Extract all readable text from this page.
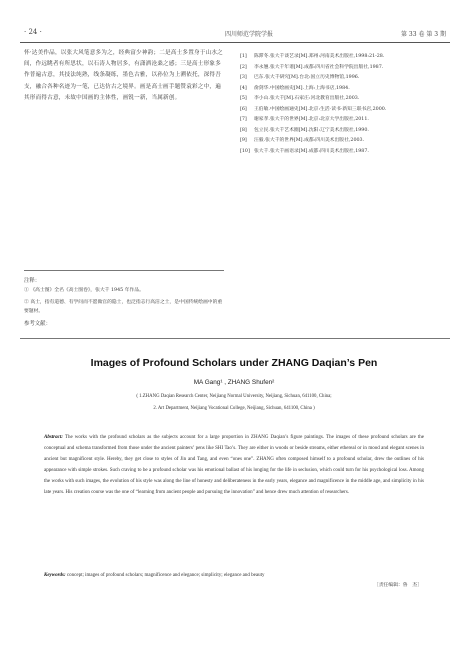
· 24 ·	四川师范学院学报	第 33 卷 第 3 期

怀·达美作品，以张大风笔意多为之，经典富少神韵；二是高士多置身于山水之间，作远眺者有所思状，以石涛人物居多，有潇洒沧桑之感；三是高士形象多作普遍古意，其技法纯熟，线条凝练，墨色古雅，以孙位为上溯依托，深得吾支，融合各种名迹为一笔，已达仿古之境界。画是高士画手题赞袁彩之中，遍其形而得古意，未故中国画的主体性，画锐一新，当属新创。

注释：
① 《高士图》全名《高士图卷》，张大千 1945 年作品。
② 高士，指有道德、有学问而不愿做官的隐士，也泛指志行高洁之士，是中国传统绘画中的重要题材。
参考文献：

[1] 陈滞冬.张大千谈艺录[M].郑州:河南美术出版社,1998:21-28.

[2] 李永翘.张大千年谱[M].成都:四川省社会科学院出版社,1987.

[3] 巴东.张大千研究[M].台北:国立历史博物馆,1996.

[4] 俞剑华.中国绘画史[M].上海:上海书店,1984.

[5] 李小山.张大千[M].石家庄:河北教育出版社,2003.

[6] 王伯敏.中国绘画通史[M].北京:生活·读书·新知三联书店,2000.

[7] 谢家孝.张大千的世界[M].北京:北京大学出版社,2011.

[8] 包立民.张大千艺术圈[M].沈阳:辽宁美术出版社,1990.

[9] 汪毅.张大千的世界[M].成都:四川美术出版社,2003.

[10] 张大千.张大千画语录[M].成都:四川美术出版社,1987.

Images of Profound Scholars under ZHANG Daqian’s Pen
MA Gang¹ , ZHANG Shufen²
( 1.ZHANG Daqian Research Center, Neijiang Normal University, Neijiang, Sichuan, 641100, China;
2. Art Department, Neijiang Vocational College, Neijiang, Sichuan, 641100, China )
Abstract: The works with the profound scholars as the subjects account for a large proportion in ZHANG Daqian’s figure paintings. The images of these profound scholars are the conceptual and schema transformed from those under the ancient painters’ pens like SHI Tao’s. They are either in woods or beside streams, either ethereal or in mood and elegant scenes in ancient but magnificent style. Hereby, they get close to styles of Jin and Tang, and even “ones one”. ZHANG often composed himself to a profound scholar, drew the outlines of his appearance with simple strokes. Such craving to be a profound scholar was his emotional ballast of his longing for the life in seclusion, which could turn for his psychological loss. Among the works with such images, the evolution of his style was along the line of honesty and deliberateness in the early years, elegance and magnificence in the middle age, and simplicity in his late years. His creation course was the one of “learning from ancient people and pursuing the innovation” and hence drew much attention of researchers.
Keywords: concept; images of profound scholars; magnificence and elegance; simplicity; elegance and beauty
［责任编辑：鲁　杰］
